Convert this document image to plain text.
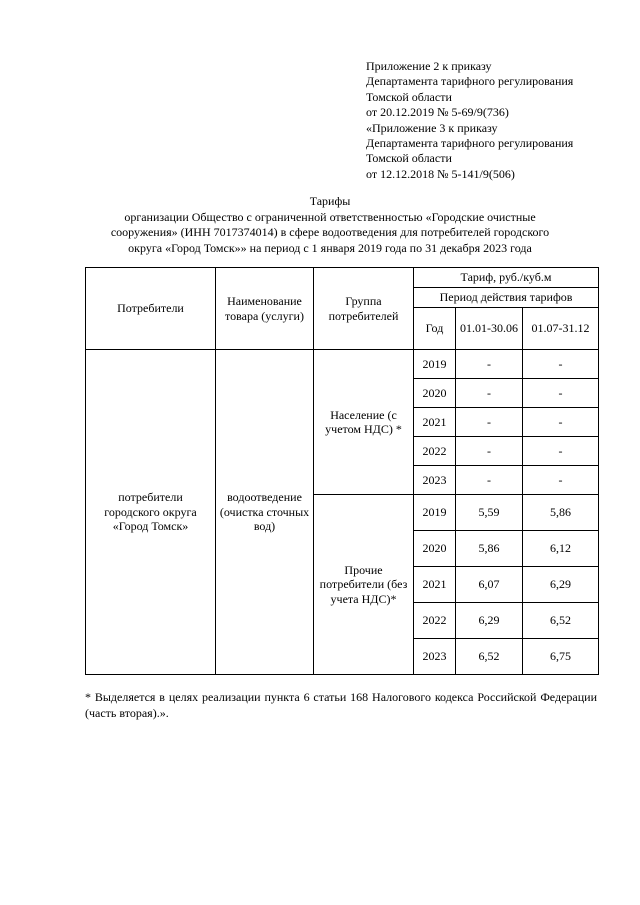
Приложение 2 к приказу
Департамента тарифного регулирования
Томской области
от 20.12.2019 № 5-69/9(736)
«Приложение 3 к приказу
Департамента тарифного регулирования
Томской области
от 12.12.2018 № 5-141/9(506)
Тарифы
организации Общество с ограниченной ответственностью «Городские очистные
сооружения» (ИНН 7017374014) в сфере водоотведения для потребителей городского
округа «Город Томск»» на период с 1 января 2019 года по 31 декабря 2023 года
Потребители	Наименование товара (услуги)	Группа потребителей	Тариф, руб./куб.м		
			Период действия тарифов		
			Год	01.01-30.06	01.07-31.12
потребители городского округа «Город Томск»	водоотведение (очистка сточных вод)	Население (с учетом НДС) *	2019	-	-
			2020	-	-
			2021	-	-
			2022	-	-
			2023	-	-
		Прочие потребители (без учета НДС)*	2019	5,59	5,86
			2020	5,86	6,12
			2021	6,07	6,29
			2022	6,29	6,52
			2023	6,52	6,75
* Выделяется в целях реализации пункта 6 статьи 168 Налогового кодекса Российской Федерации (часть вторая).».
